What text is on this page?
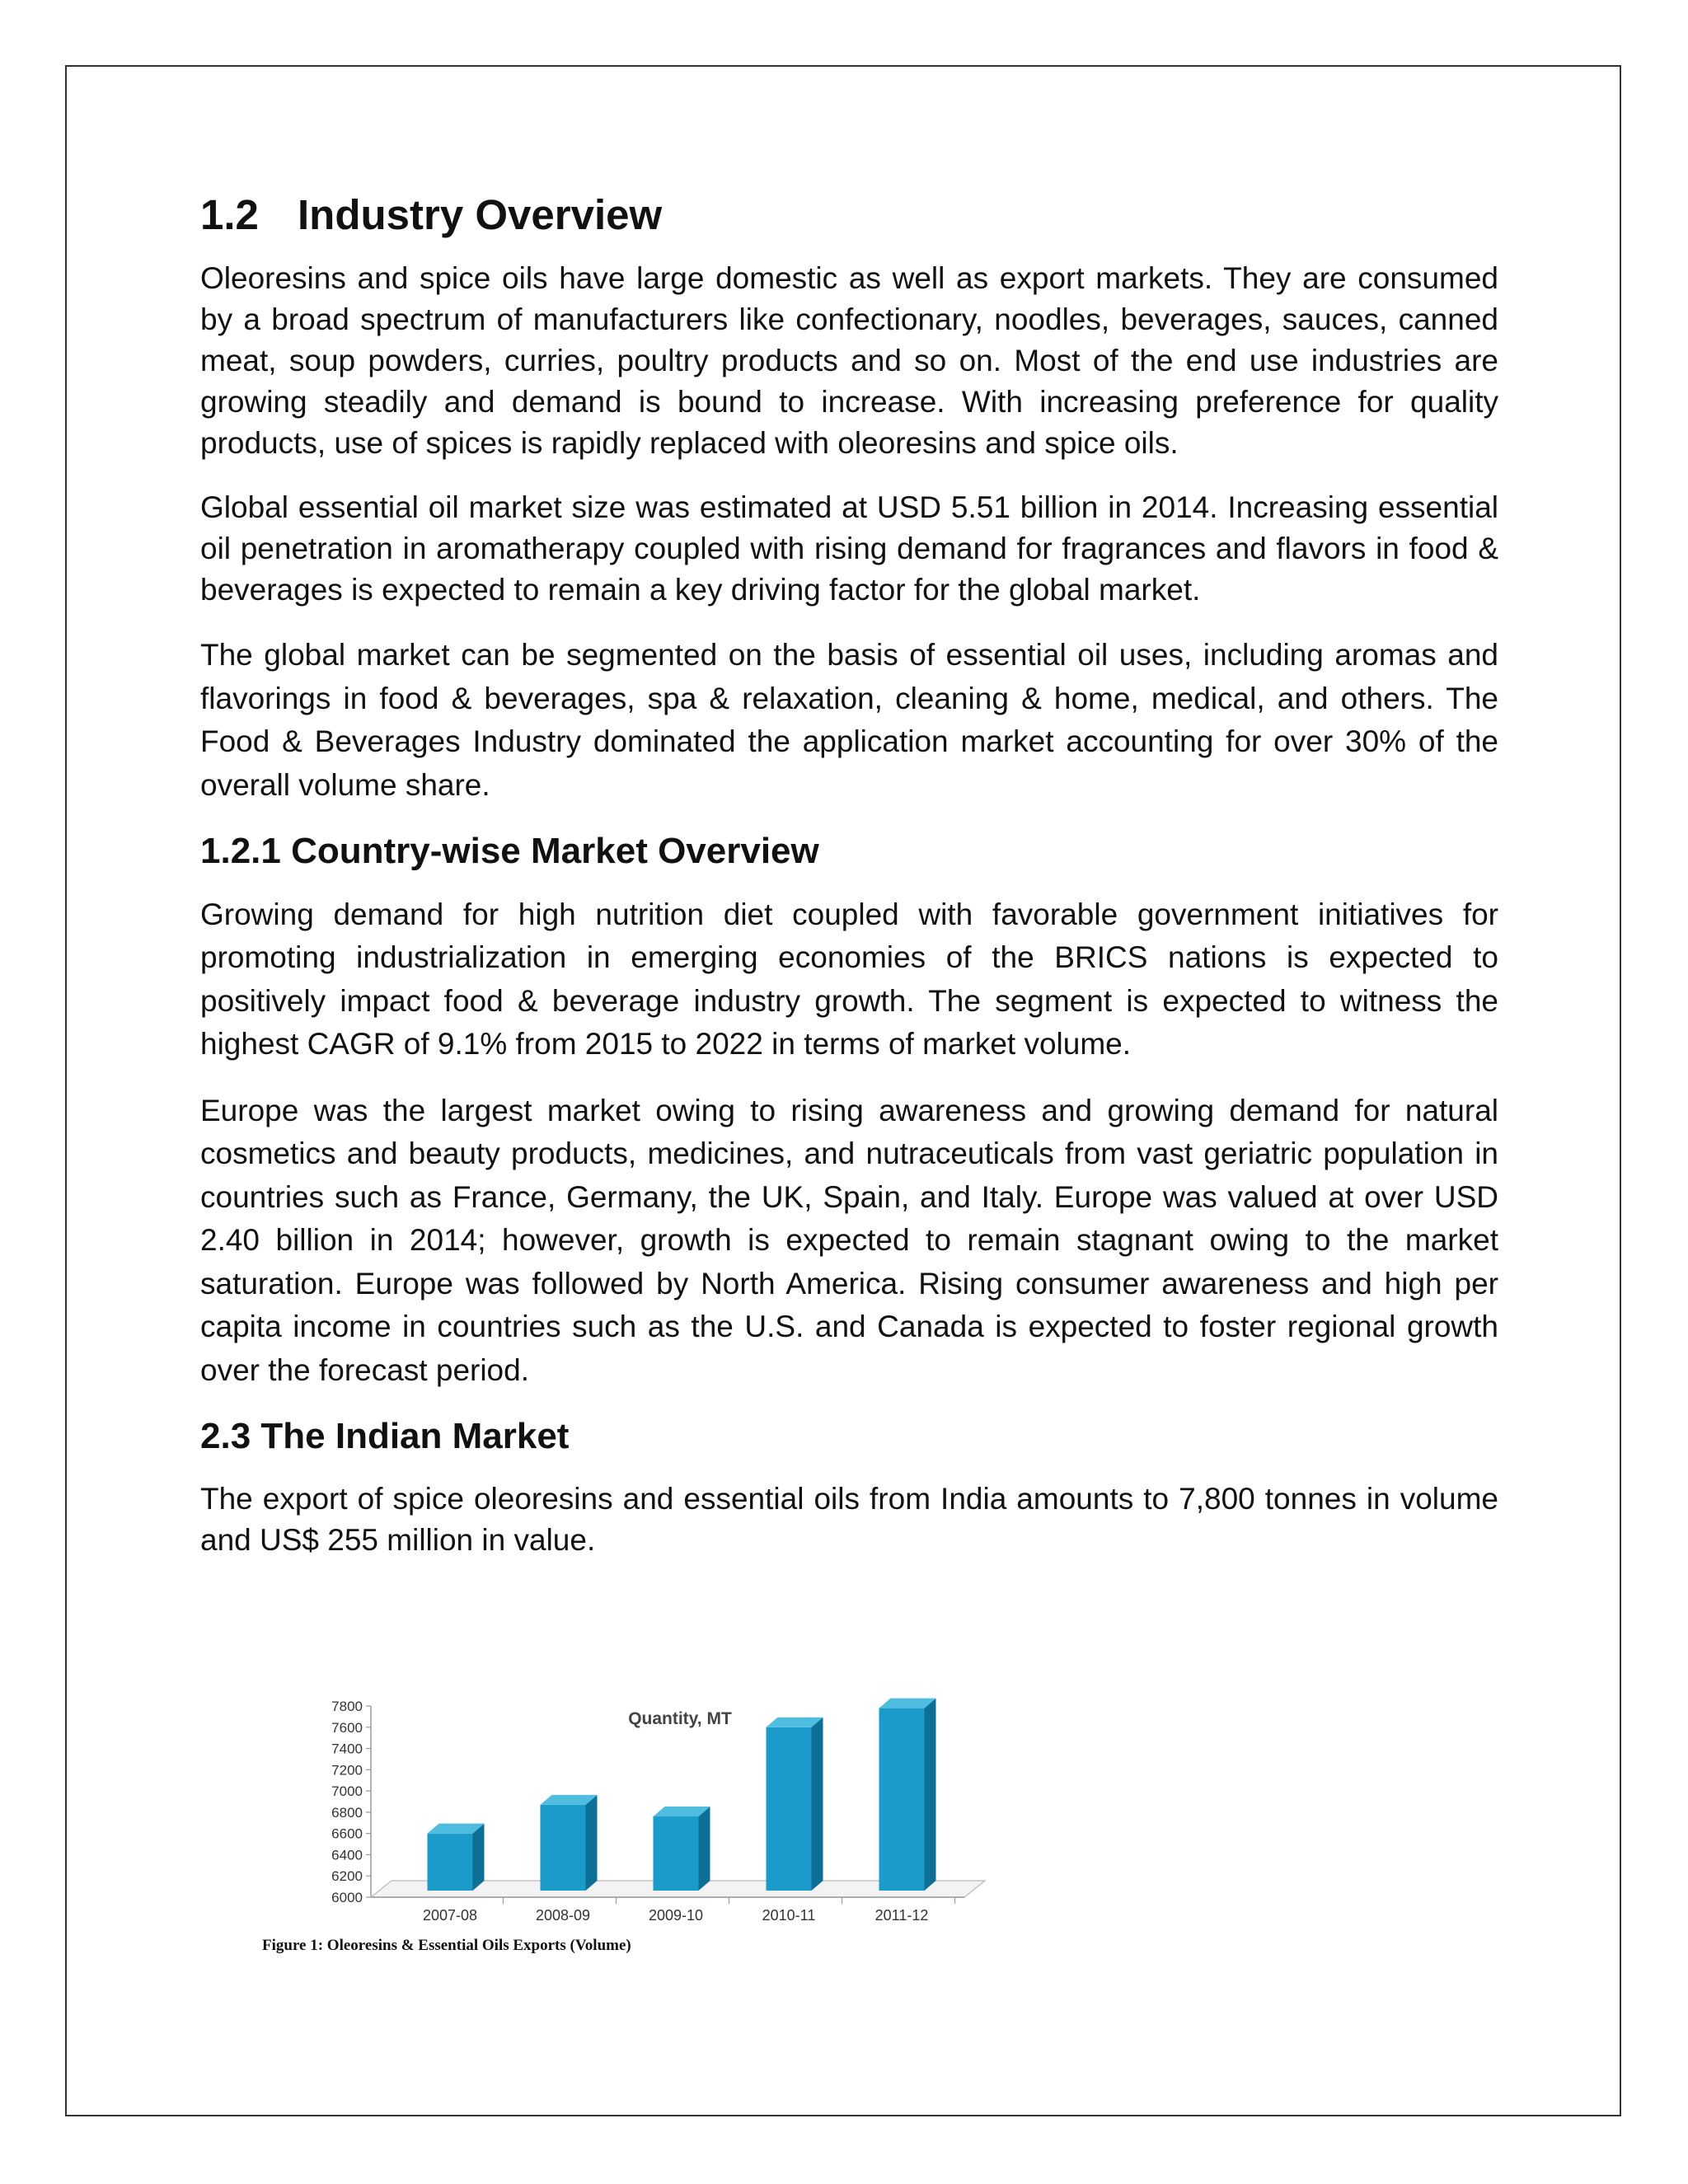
1.2 Industry Overview

Oleoresins and spice oils have large domestic as well as export markets. They are consumed by a broad spectrum of manufacturers like confectionary, noodles, beverages, sauces, canned meat, soup powders, curries, poultry products and so on. Most of the end use industries are growing steadily and demand is bound to increase. With increasing preference for quality products, use of spices is rapidly replaced with oleoresins and spice oils.

Global essential oil market size was estimated at USD 5.51 billion in 2014. Increasing essential oil penetration in aromatherapy coupled with rising demand for fragrances and flavors in food & beverages is expected to remain a key driving factor for the global market.

The global market can be segmented on the basis of essential oil uses, including aromas and flavorings in food & beverages, spa & relaxation, cleaning & home, medical, and others. The Food & Beverages Industry dominated the application market accounting for over 30% of the overall volume share.

1.2.1 Country-wise Market Overview

Growing demand for high nutrition diet coupled with favorable government initiatives for promoting industrialization in emerging economies of the BRICS nations is expected to positively impact food & beverage industry growth. The segment is expected to witness the highest CAGR of 9.1% from 2015 to 2022 in terms of market volume.

Europe was the largest market owing to rising awareness and growing demand for natural cosmetics and beauty products, medicines, and nutraceuticals from vast geriatric population in countries such as France, Germany, the UK, Spain, and Italy. Europe was valued at over USD 2.40 billion in 2014; however, growth is expected to remain stagnant owing to the market saturation. Europe was followed by North America. Rising consumer awareness and high per capita income in countries such as the U.S. and Canada is expected to foster regional growth over the forecast period.

2.3 The Indian Market

The export of spice oleoresins and essential oils from India amounts to 7,800 tonnes in volume and US$ 255 million in value.

6000
6200
6400
6600
6800
7000
7200
7400
7600
7800
Quantity, MT
2007-08	2008-09	2009-10	2010-11	2011-12
Figure 1: Oleoresins & Essential Oils Exports (Volume)
